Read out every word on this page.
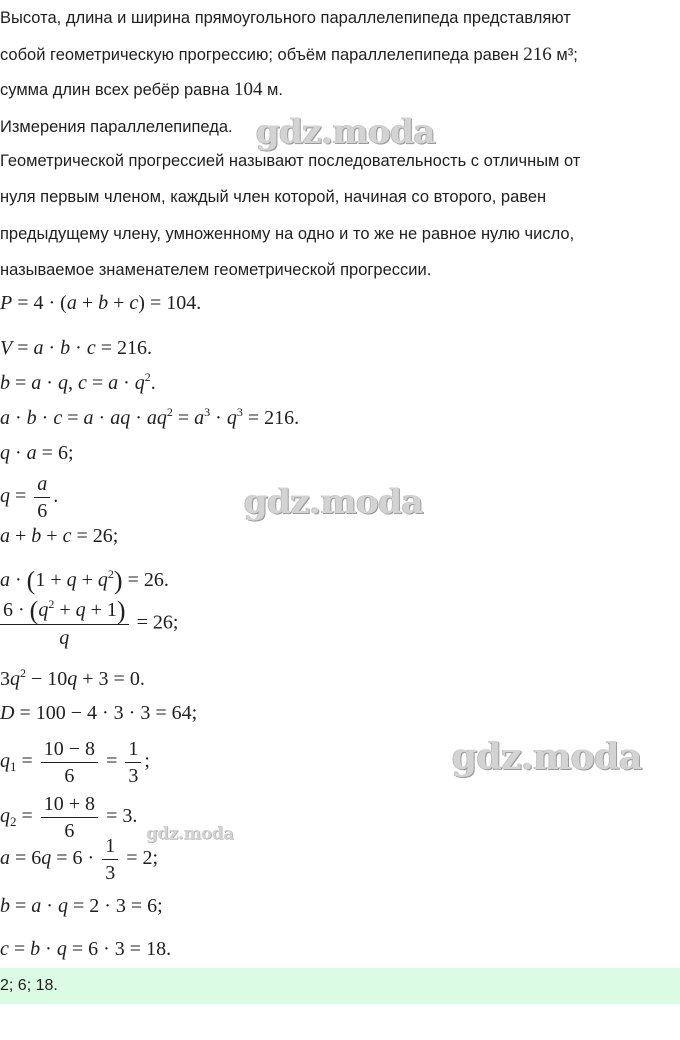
Высота, длина и ширина прямоугольного параллелепипеда представляют
собой геометрическую прогрессию; объём параллелепипеда равен 216 м³;
сумма длин всех ребёр равна 104 м.
Измерения параллелепипеда.
Геометрической прогрессией называют последовательность с отличным от
нуля первым членом, каждый член которой, начиная со второго, равен
предыдущему члену, умноженному на одно и то же не равное нулю число,
называемое знаменателем геометрической прогрессии.
P = 4 · (a + b + c) = 104.
V = a · b · c = 216.
b = a · q, $c = a \cdot q^2$.
a · b · c = a · aq · $aq^2 = a^3 \cdot q^3 = 216$.
q · a = 6;
$q = \frac{a}{6}$ .
a + b + c = 26;
$a \cdot (1 + q + q^2) = 26$.
$\frac{6 \cdot (q^2 + q + 1)}{q} = 26$;
$3q^2 - 10q + 3 = 0$.
D = 100 − 4 · 3 · 3 = 64;
$q_1 = \frac{10 - 8}{6} = \frac{1}{3}$ ;
$q_2 = \frac{10 + 8}{6} = 3$.
$a = 6q = 6 \cdot \frac{1}{3} = 2$;
b = a · q = 2 · 3 = 6;
c = b · q = 6 · 3 = 18.
2; 6; 18.
gdz.moda
gdz.moda
gdz.moda
gdz.moda
